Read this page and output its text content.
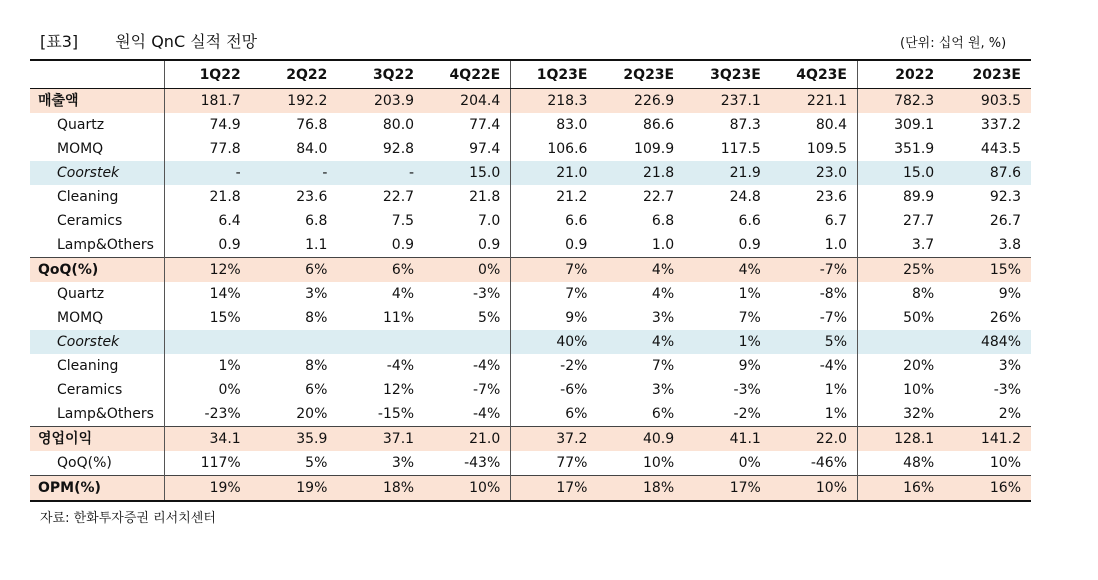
[표3] 원익 QnC 실적 전망	(단위: 십억 원, %)
	1Q22	2Q22	3Q22	4Q22E	1Q23E	2Q23E	3Q23E	4Q23E	2022	2023E
매출액	181.7	192.2	203.9	204.4	218.3	226.9	237.1	221.1	782.3	903.5
Quartz	74.9	76.8	80.0	77.4	83.0	86.6	87.3	80.4	309.1	337.2
MOMQ	77.8	84.0	92.8	97.4	106.6	109.9	117.5	109.5	351.9	443.5
Coorstek	-	-	-	15.0	21.0	21.8	21.9	23.0	15.0	87.6
Cleaning	21.8	23.6	22.7	21.8	21.2	22.7	24.8	23.6	89.9	92.3
Ceramics	6.4	6.8	7.5	7.0	6.6	6.8	6.6	6.7	27.7	26.7
Lamp&Others	0.9	1.1	0.9	0.9	0.9	1.0	0.9	1.0	3.7	3.8
QoQ(%)	12%	6%	6%	0%	7%	4%	4%	-7%	25%	15%
Quartz	14%	3%	4%	-3%	7%	4%	1%	-8%	8%	9%
MOMQ	15%	8%	11%	5%	9%	3%	7%	-7%	50%	26%
Coorstek					40%	4%	1%	5%		484%
Cleaning	1%	8%	-4%	-4%	-2%	7%	9%	-4%	20%	3%
Ceramics	0%	6%	12%	-7%	-6%	3%	-3%	1%	10%	-3%
Lamp&Others	-23%	20%	-15%	-4%	6%	6%	-2%	1%	32%	2%
영업이익	34.1	35.9	37.1	21.0	37.2	40.9	41.1	22.0	128.1	141.2
QoQ(%)	117%	5%	3%	-43%	77%	10%	0%	-46%	48%	10%
OPM(%)	19%	19%	18%	10%	17%	18%	17%	10%	16%	16%
자료: 한화투자증권 리서치센터
